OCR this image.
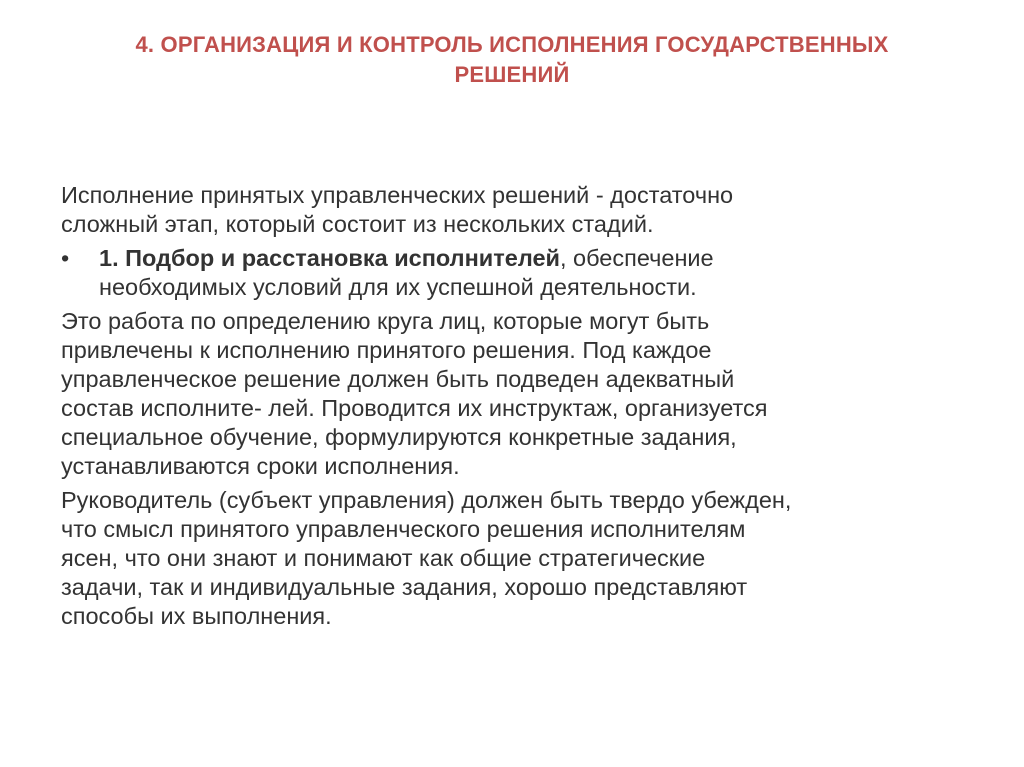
4. ОРГАНИЗАЦИЯ И КОНТРОЛЬ ИСПОЛНЕНИЯ ГОСУДАРСТВЕННЫХ
РЕШЕНИЙ
Исполнение принятых управленческих решений - достаточно
сложный этап, который состоит из нескольких стадий.
• 1. Подбор и расстановка исполнителей, обеспечение
необходимых условий для их успешной деятельности.
Это работа по определению круга лиц, которые могут быть
привлечены к исполнению принятого решения. Под каждое
управленческое решение должен быть подведен адекватный
состав исполните- лей. Проводится их инструктаж, организуется
специальное обучение, формулируются конкретные задания,
устанавливаются сроки исполнения.
Руководитель (субъект управления) должен быть твердо убежден,
что смысл принятого управленческого решения исполнителям
ясен, что они знают и понимают как общие стратегические
задачи, так и индивидуальные задания, хорошо представляют
способы их выполнения.
